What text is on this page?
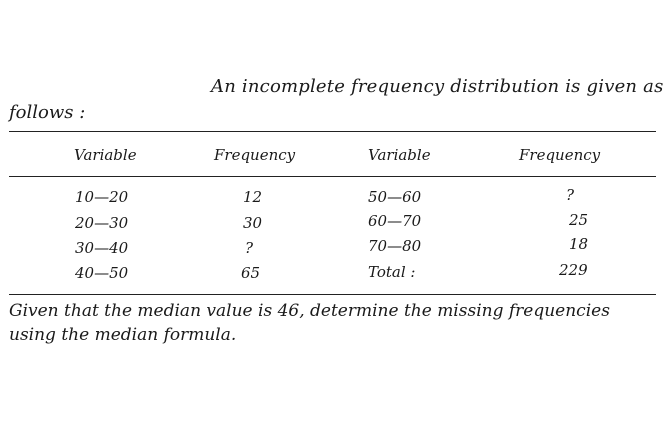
An incomplete frequency distribution is given as
follows :
Variable	Frequency	Variable	Frequency
10—20	12	50—60	?
20—30	30	60—70	25
30—40	?	70—80	18
40—50	65	Total :	229
Given that the median value is 46, determine the missing frequencies using the median formula.
